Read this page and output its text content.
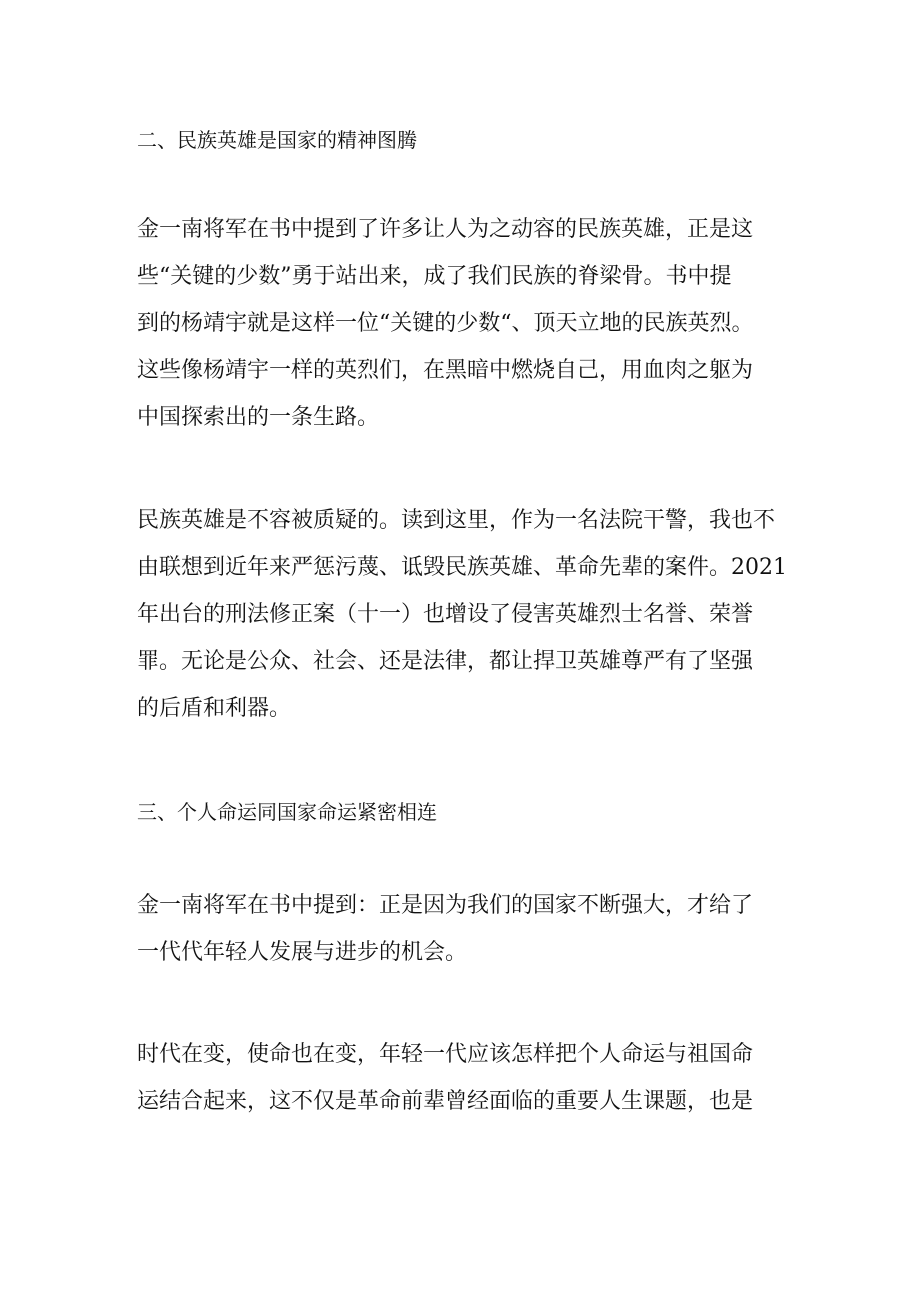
二、民族英雄是国家的精神图腾
金一南将军在书中提到了许多让人为之动容的民族英雄，正是这
些“关键的少数”勇于站出来，成了我们民族的脊梁骨。书中提
到的杨靖宇就是这样一位“关键的少数“、顶天立地的民族英烈。
这些像杨靖宇一样的英烈们，在黑暗中燃烧自己，用血肉之躯为
中国探索出的一条生路。
民族英雄是不容被质疑的。读到这里，作为一名法院干警，我也不
由联想到近年来严惩污蔑、诋毁民族英雄、革命先辈的案件。2021
年出台的刑法修正案（十一）也增设了侵害英雄烈士名誉、荣誉
罪。无论是公众、社会、还是法律，都让捍卫英雄尊严有了坚强
的后盾和利器。
三、个人命运同国家命运紧密相连
金一南将军在书中提到：正是因为我们的国家不断强大，才给了
一代代年轻人发展与进步的机会。
时代在变，使命也在变，年轻一代应该怎样把个人命运与祖国命
运结合起来，这不仅是革命前辈曾经面临的重要人生课题，也是
